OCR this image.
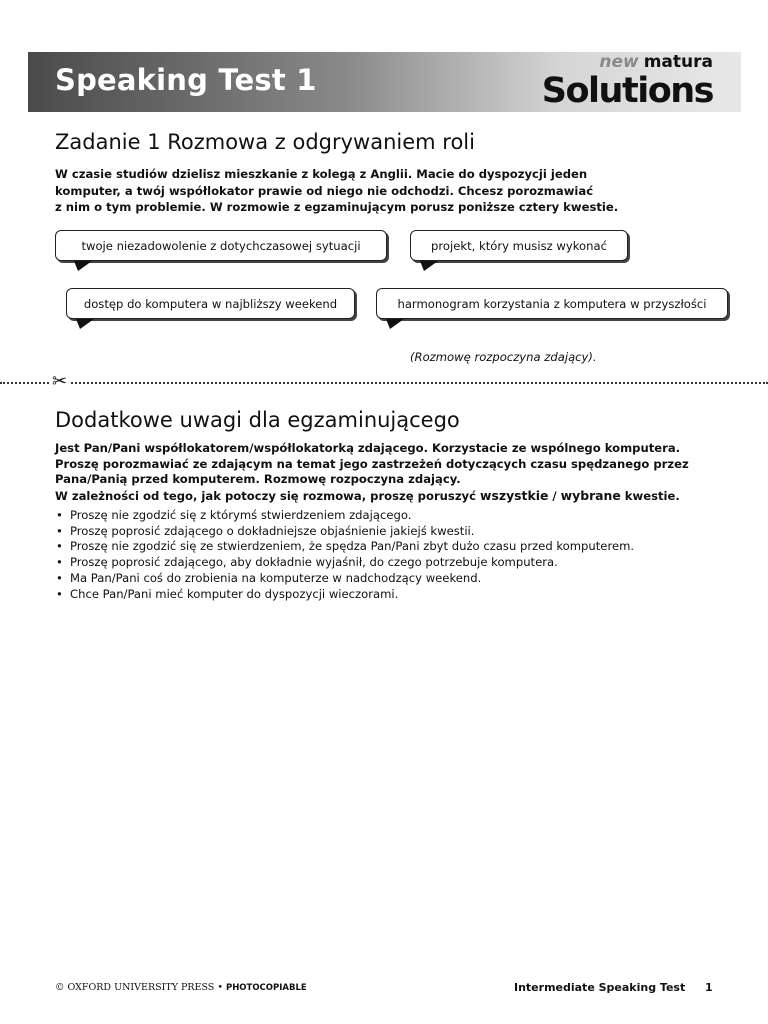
Speaking Test 1
new matura
Solutions
Zadanie 1 Rozmowa z odgrywaniem roli
W czasie studiów dzielisz mieszkanie z kolegą z Anglii. Macie do dyspozycji jeden
komputer, a twój współlokator prawie od niego nie odchodzi. Chcesz porozmawiać
z nim o tym problemie. W rozmowie z egzaminującym porusz poniższe cztery kwestie.
twoje niezadowolenie z dotychczasowej sytuacji	projekt, który musisz wykonać
dostęp do komputera w najbliższy weekend	harmonogram korzystania z komputera w przyszłości
(Rozmowę rozpoczyna zdający).
✂
Dodatkowe uwagi dla egzaminującego
Jest Pan/Pani współlokatorem/współlokatorką zdającego. Korzystacie ze wspólnego komputera.
Proszę porozmawiać ze zdającym na temat jego zastrzeżeń dotyczących czasu spędzanego przez
Pana/Panią przed komputerem. Rozmowę rozpoczyna zdający.
W zależności od tego, jak potoczy się rozmowa, proszę poruszyć wszystkie / wybrane kwestie.
• Proszę nie zgodzić się z którymś stwierdzeniem zdającego.
• Proszę poprosić zdającego o dokładniejsze objaśnienie jakiejś kwestii.
• Proszę nie zgodzić się ze stwierdzeniem, że spędza Pan/Pani zbyt dużo czasu przed komputerem.
• Proszę poprosić zdającego, aby dokładnie wyjaśnił, do czego potrzebuje komputera.
• Ma Pan/Pani coś do zrobienia na komputerze w nadchodzący weekend.
• Chce Pan/Pani mieć komputer do dyspozycji wieczorami.
© OXFORD UNIVERSITY PRESS • PHOTOCOPIABLE	Intermediate Speaking Test 1
